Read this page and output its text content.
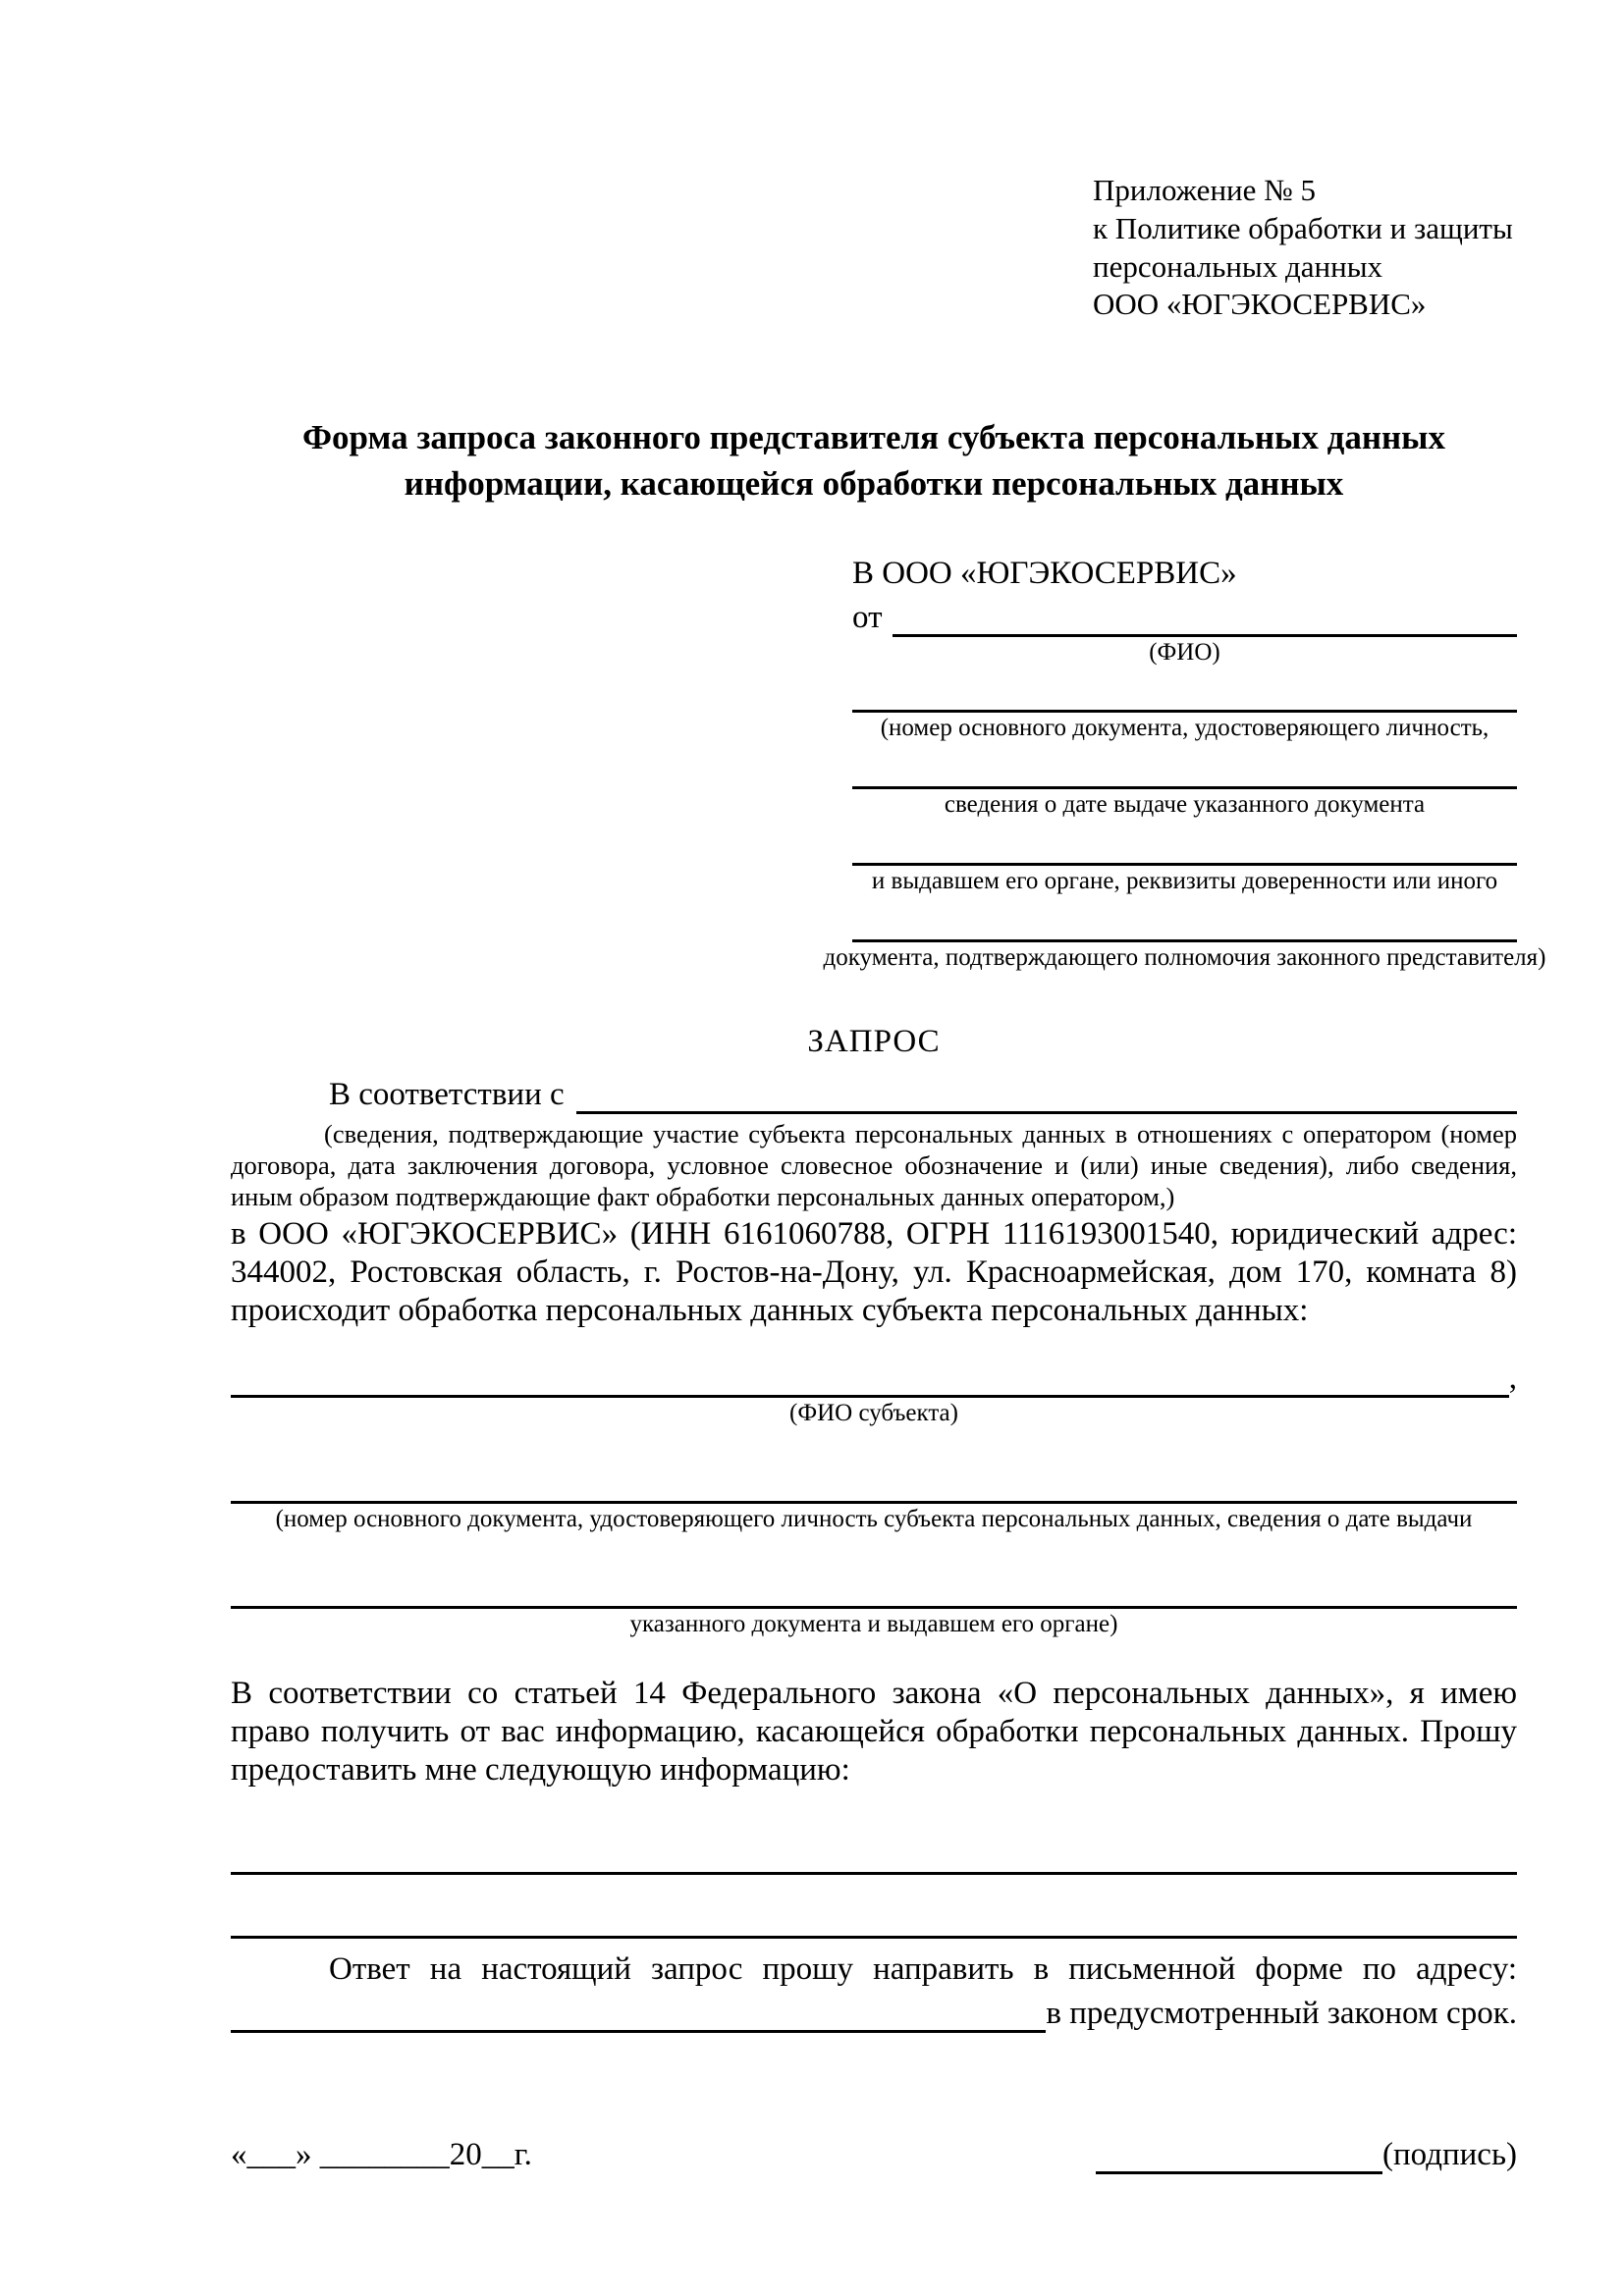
Приложение № 5
к Политике обработки и защиты
персональных данных
ООО «ЮГЭКОСЕРВИС»
Форма запроса законного представителя субъекта персональных данных
информации, касающейся обработки персональных данных
В ООО «ЮГЭКОСЕРВИС»
от
(ФИО)
(номер основного документа, удостоверяющего личность,
сведения о дате выдаче указанного документа
и выдавшем его органе, реквизиты доверенности или иного
документа, подтверждающего полномочия законного представителя)
ЗАПРОС
В соответствии с
(сведения, подтверждающие участие субъекта персональных данных в отношениях с оператором (номер договора, дата заключения договора, условное словесное обозначение и (или) иные сведения), либо сведения, иным образом подтверждающие факт обработки персональных данных оператором,)
в ООО «ЮГЭКОСЕРВИС» (ИНН 6161060788, ОГРН 1116193001540, юридический адрес: 344002, Ростовская область, г. Ростов-на-Дону, ул. Красноармейская, дом 170, комната 8) происходит обработка персональных данных субъекта персональных данных:
,
(ФИО субъекта)
(номер основного документа, удостоверяющего личность субъекта персональных данных, сведения о дате выдачи
указанного документа и выдавшем его органе)
В соответствии со статьей 14 Федерального закона «О персональных данных», я имею право получить от вас информацию, касающейся обработки персональных данных. Прошу предоставить мне следующую информацию:
Ответ на настоящий запрос прошу направить в письменной форме по адресу:
в предусмотренный законом срок.
«___» ________20__г.	(подпись)
